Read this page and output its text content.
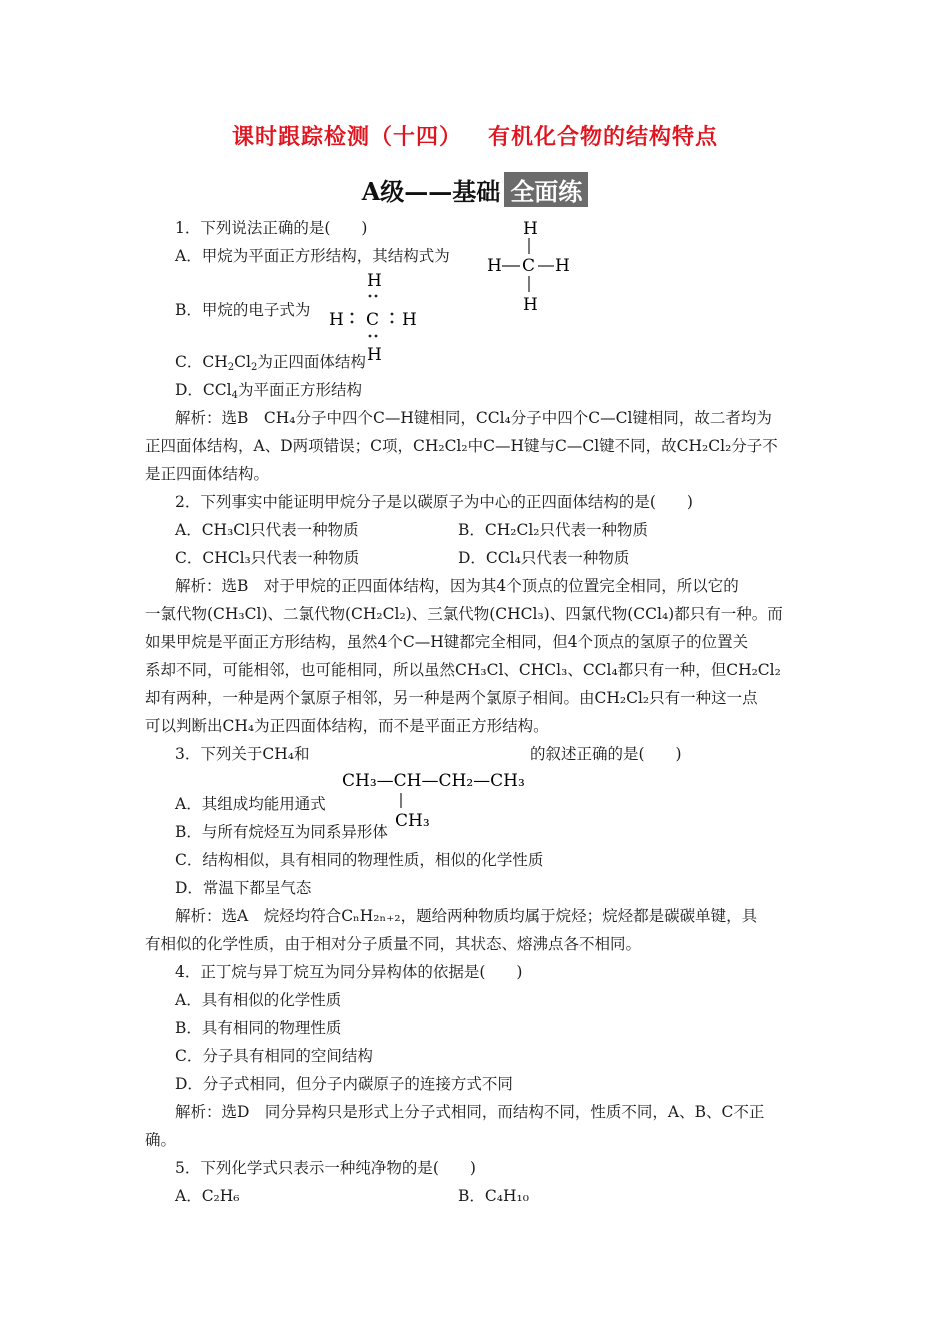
课时跟踪检测（十四） 有机化合物的结构特点
A级——基础 全面练
1．下列说法正确的是(　　)
A．甲烷为平面正方形结构，其结构式为
H
H C H
H
B．甲烷的电子式为
H
H C H
H
C．$CH_2Cl_2$为正四面体结构
D．CCl$_4$为平面正方形结构
解析：选B　CH₄分子中四个C—H键相同，CCl₄分子中四个C—Cl键相同，故二者均为
正四面体结构，A、D两项错误；C项，CH₂Cl₂中C—H键与C—Cl键不同，故CH₂Cl₂分子不
是正四面体结构。
2．下列事实中能证明甲烷分子是以碳原子为中心的正四面体结构的是(　　)
A．CH₃Cl只代表一种物质	B．CH₂Cl₂只代表一种物质
C．CHCl₃只代表一种物质	D．CCl₄只代表一种物质
解析：选B　对于甲烷的正四面体结构，因为其4个顶点的位置完全相同，所以它的
一氯代物(CH₃Cl)、二氯代物(CH₂Cl₂)、三氯代物(CHCl₃)、四氯代物(CCl₄)都只有一种。而
如果甲烷是平面正方形结构，虽然4个C—H键都完全相同，但4个顶点的氢原子的位置关
系却不同，可能相邻，也可能相同，所以虽然CH₃Cl、CHCl₃、CCl₄都只有一种，但CH₂Cl₂
却有两种，一种是两个氯原子相邻，另一种是两个氯原子相间。由CH₂Cl₂只有一种这一点
可以判断出CH₄为正四面体结构，而不是平面正方形结构。
3．下列关于CH₄和	的叙述正确的是(　　)
CH₃—CH—CH₂—CH₃
CH₃
A．其组成均能用通式
B．与所有烷烃互为同系异形体
C．结构相似，具有相同的物理性质，相似的化学性质
D．常温下都呈气态
解析：选A　烷烃均符合CₙH₂ₙ₊₂，题给两种物质均属于烷烃；烷烃都是碳碳单键，具
有相似的化学性质，由于相对分子质量不同，其状态、熔沸点各不相同。
4．正丁烷与异丁烷互为同分异构体的依据是(　　)
A．具有相似的化学性质
B．具有相同的物理性质
C．分子具有相同的空间结构
D．分子式相同，但分子内碳原子的连接方式不同
解析：选D　同分异构只是形式上分子式相同，而结构不同，性质不同，A、B、C不正
确。
5．下列化学式只表示一种纯净物的是(　　)
A．C₂H₆	B．C₄H₁₀
